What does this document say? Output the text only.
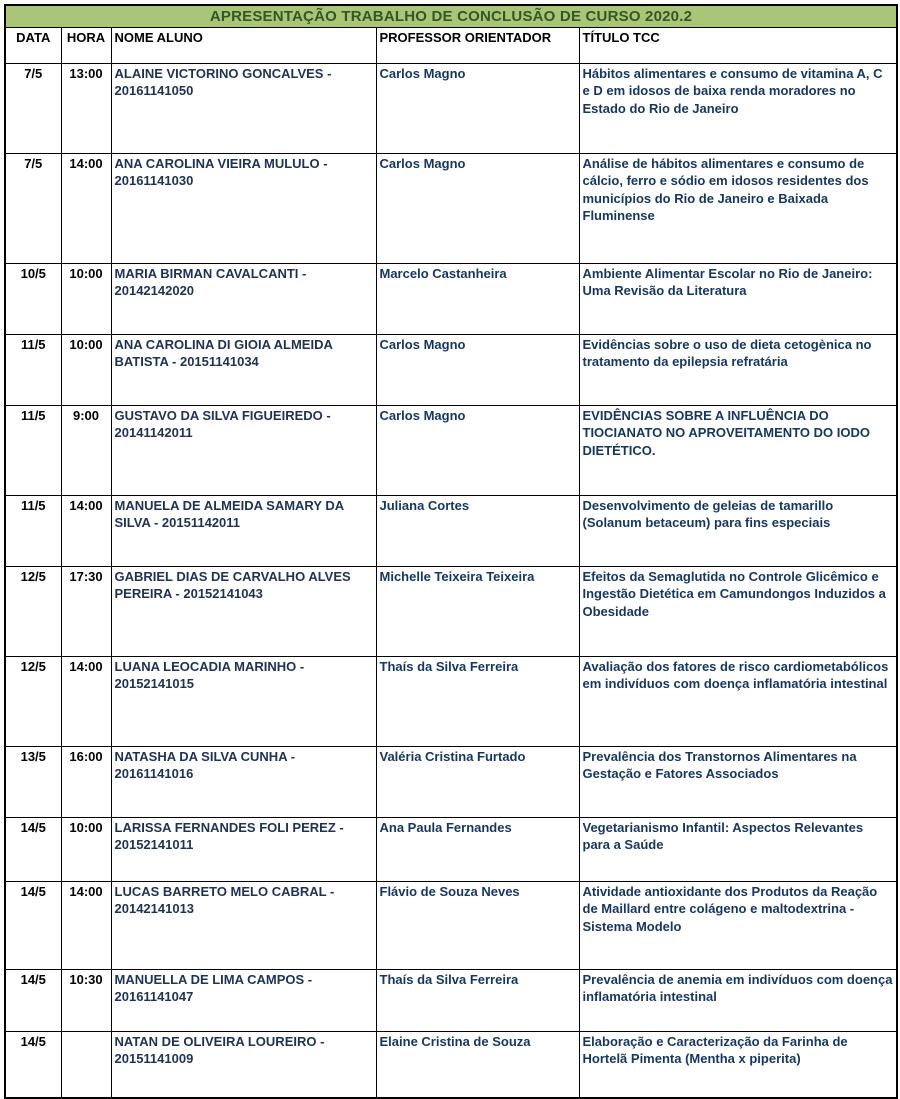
APRESENTAÇÃO TRABALHO DE CONCLUSÃO DE CURSO 2020.2				
DATA	HORA	NOME ALUNO	PROFESSOR ORIENTADOR	TÍTULO TCC
7/5	13:00	ALAINE VICTORINO GONCALVES - 20161141050	Carlos Magno	Hábitos alimentares e consumo de vitamina A, C e D em idosos de baixa renda moradores no Estado do Rio de Janeiro
7/5	14:00	ANA CAROLINA VIEIRA MULULO - 20161141030	Carlos Magno	Análise de hábitos alimentares e consumo de cálcio, ferro e sódio em idosos residentes dos municípios do Rio de Janeiro e Baixada Fluminense
10/5	10:00	MARIA BIRMAN CAVALCANTI - 20142142020	Marcelo Castanheira	Ambiente Alimentar Escolar no Rio de Janeiro: Uma Revisão da Literatura
11/5	10:00	ANA CAROLINA DI GIOIA ALMEIDA BATISTA - 20151141034	Carlos Magno	Evidências sobre o uso de dieta cetogènica no tratamento da epilepsia refratária
11/5	9:00	GUSTAVO DA SILVA FIGUEIREDO - 20141142011	Carlos Magno	EVIDÊNCIAS SOBRE A INFLUÊNCIA DO TIOCIANATO NO APROVEITAMENTO DO IODO DIETÉTICO.
11/5	14:00	MANUELA DE ALMEIDA SAMARY DA SILVA - 20151142011	Juliana Cortes	Desenvolvimento de geleias de tamarillo (Solanum betaceum) para fins especiais
12/5	17:30	GABRIEL DIAS DE CARVALHO ALVES PEREIRA - 20152141043	Michelle Teixeira Teixeira	Efeitos da Semaglutida no Controle Glicêmico e Ingestão Dietética em Camundongos Induzidos a Obesidade
12/5	14:00	LUANA LEOCADIA MARINHO - 20152141015	Thaís da Silva Ferreira	Avaliação dos fatores de risco cardiometabólicos em indivíduos com doença inflamatória intestinal
13/5	16:00	NATASHA DA SILVA CUNHA - 20161141016	Valéria Cristina Furtado	Prevalência dos Transtornos Alimentares na Gestação e Fatores Associados
14/5	10:00	LARISSA FERNANDES FOLI PEREZ - 20152141011	Ana Paula Fernandes	Vegetarianismo Infantil: Aspectos Relevantes para a Saúde
14/5	14:00	LUCAS BARRETO MELO CABRAL - 20142141013	Flávio de Souza Neves	Atividade antioxidante dos Produtos da Reação de Maillard entre colágeno e maltodextrina - Sistema Modelo
14/5	10:30	MANUELLA DE LIMA CAMPOS - 20161141047	Thaís da Silva Ferreira	Prevalência de anemia em indivíduos com doença inflamatória intestinal
14/5		NATAN DE OLIVEIRA LOUREIRO - 20151141009	Elaine Cristina de Souza	Elaboração e Caracterização da Farinha de Hortelã Pimenta (Mentha x piperita)
